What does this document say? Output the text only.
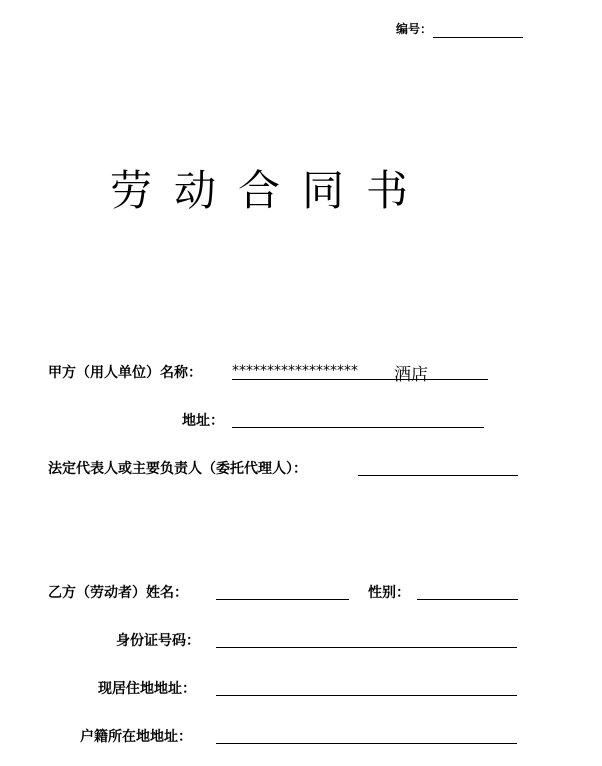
编号：
劳动合同书
甲方（用人单位）名称： ****************** 酒店
地址：
法定代表人或主要负责人（委托代理人）：
乙方（劳动者）姓名：	性别：
身份证号码：
现居住地地址：
户籍所在地地址：
